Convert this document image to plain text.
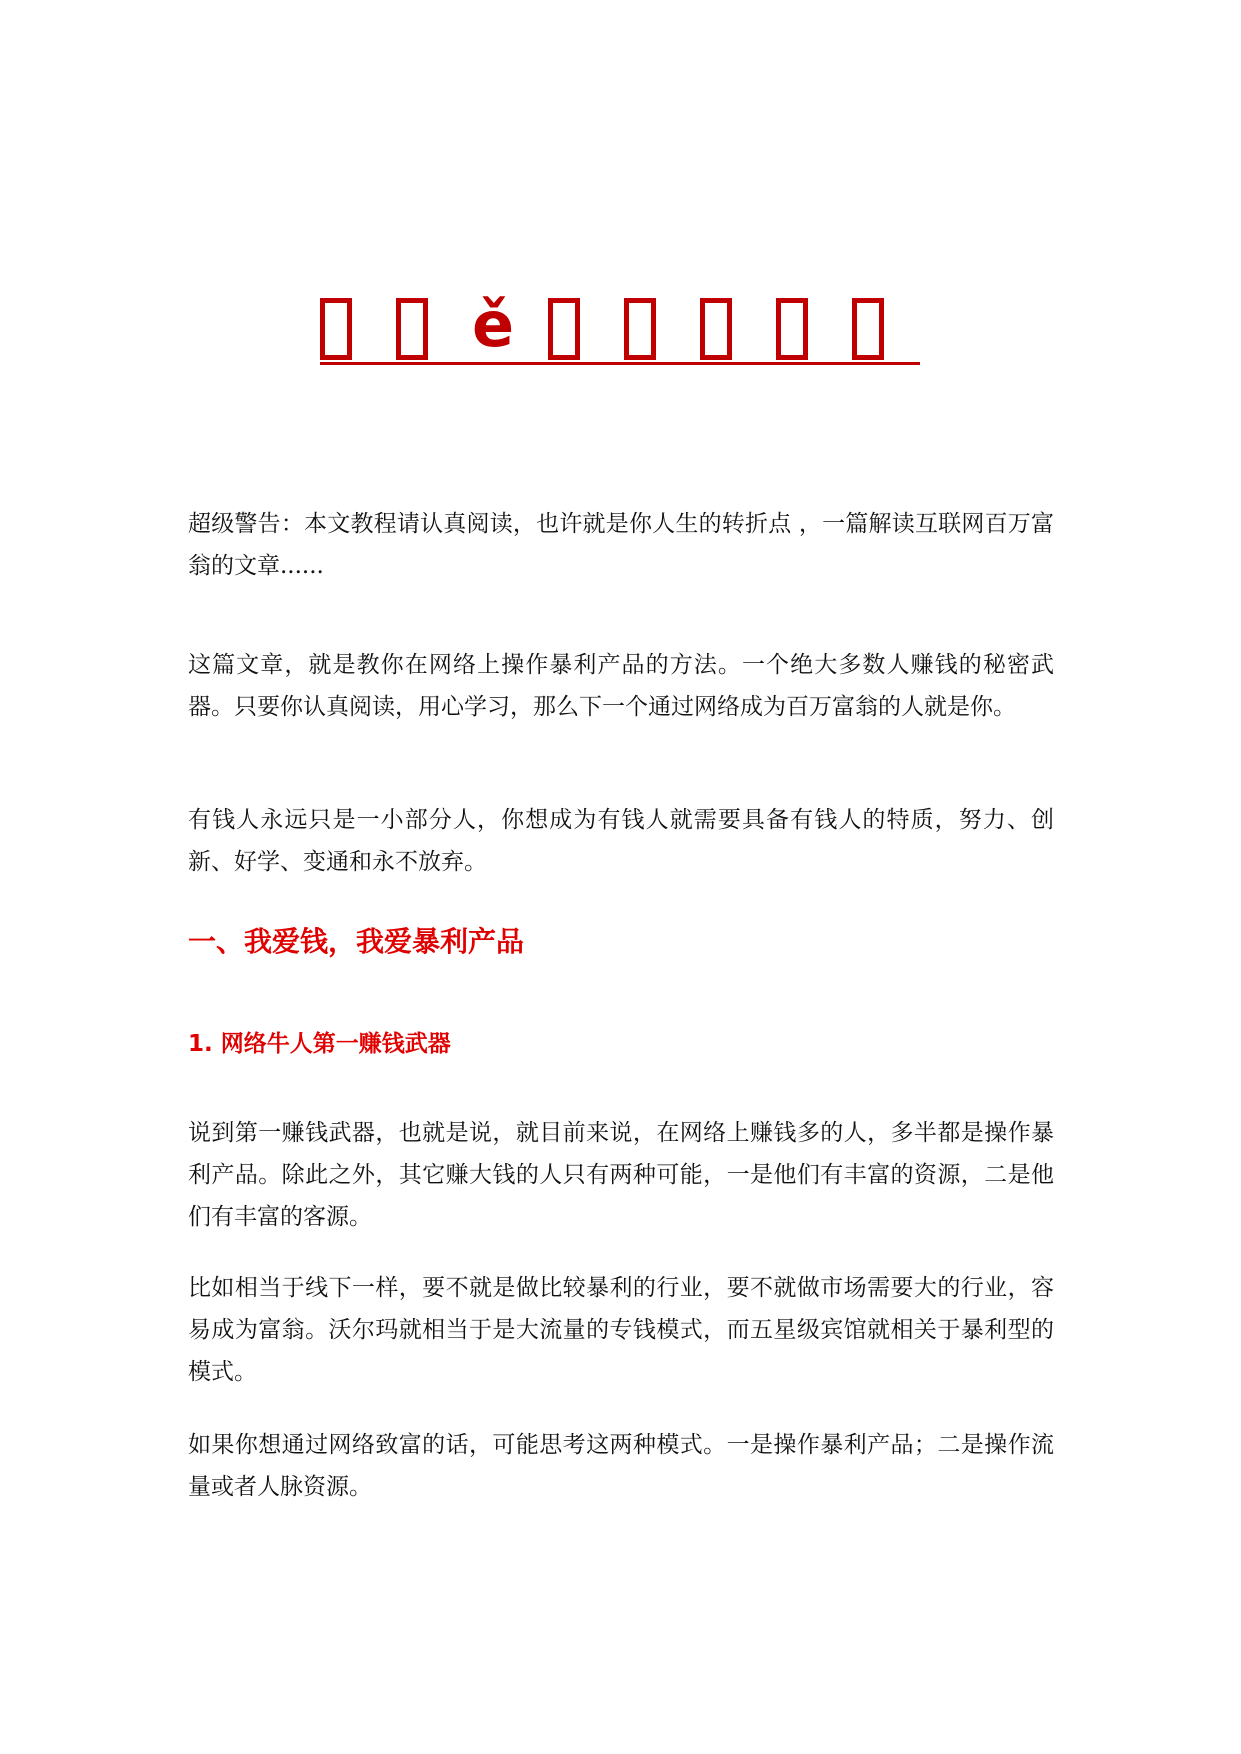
ě

超级警告：本文教程请认真阅读，也许就是你人生的转折点 ，一篇解读互联网百万富翁的文章......

这篇文章，就是教你在网络上操作暴利产品的方法。一个绝大多数人赚钱的秘密武器。只要你认真阅读，用心学习，那么下一个通过网络成为百万富翁的人就是你。

有钱人永远只是一小部分人，你想成为有钱人就需要具备有钱人的特质，努力、创新、好学、变通和永不放弃。

一、我爱钱，我爱暴利产品
1. 网络牛人第一赚钱武器

说到第一赚钱武器，也就是说，就目前来说，在网络上赚钱多的人，多半都是操作暴利产品。除此之外，其它赚大钱的人只有两种可能，一是他们有丰富的资源，二是他们有丰富的客源。

比如相当于线下一样，要不就是做比较暴利的行业，要不就做市场需要大的行业，容易成为富翁。沃尔玛就相当于是大流量的专钱模式，而五星级宾馆就相关于暴利型的模式。

如果你想通过网络致富的话，可能思考这两种模式。一是操作暴利产品；二是操作流量或者人脉资源。
